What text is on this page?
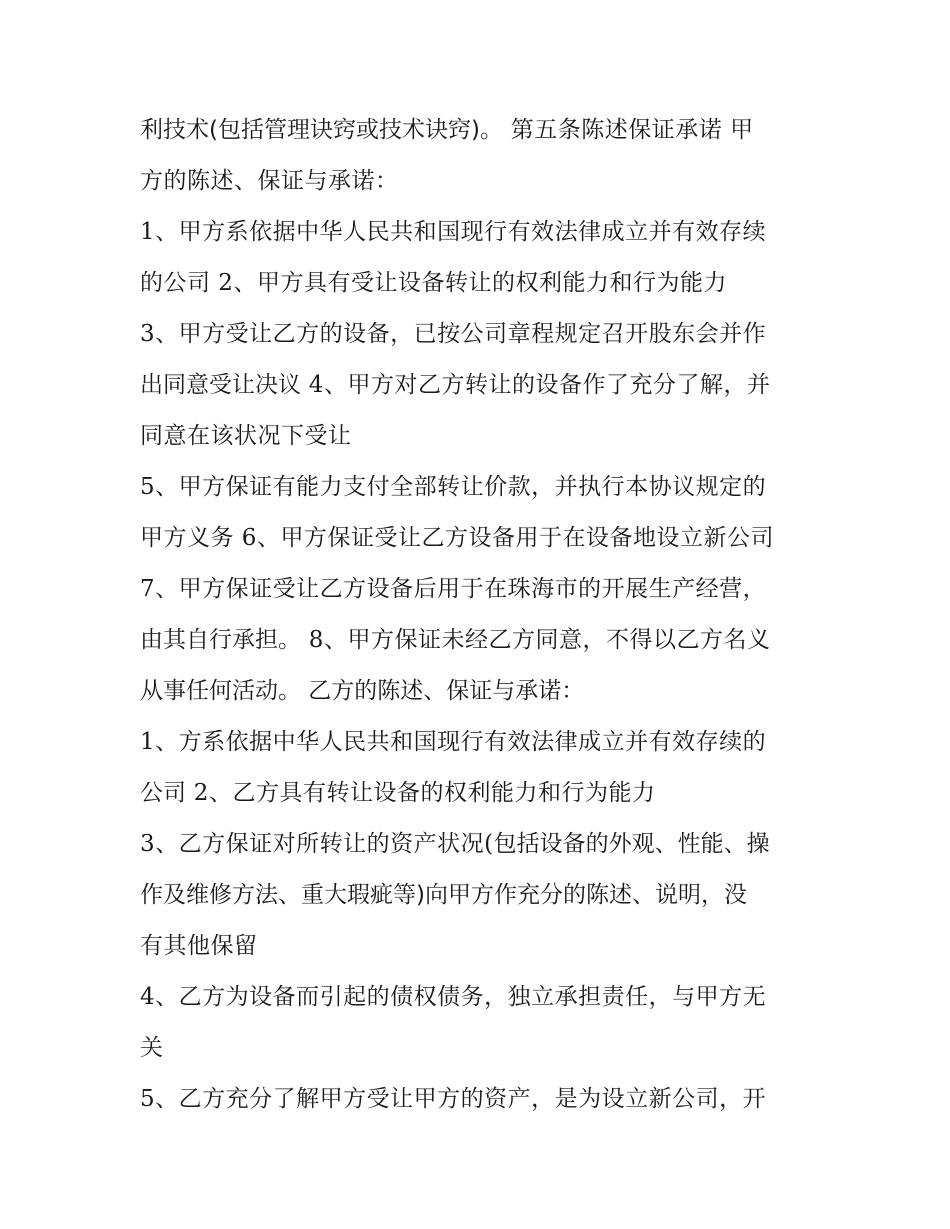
利技术(包括管理诀窍或技术诀窍)。 第五条陈述保证承诺 甲
方的陈述、保证与承诺：
1、甲方系依据中华人民共和国现行有效法律成立并有效存续
的公司 2、甲方具有受让设备转让的权利能力和行为能力
3、甲方受让乙方的设备，已按公司章程规定召开股东会并作
出同意受让决议 4、甲方对乙方转让的设备作了充分了解，并
同意在该状况下受让
5、甲方保证有能力支付全部转让价款，并执行本协议规定的
甲方义务 6、甲方保证受让乙方设备用于在设备地设立新公司
7、甲方保证受让乙方设备后用于在珠海市的开展生产经营，
由其自行承担。 8、甲方保证未经乙方同意，不得以乙方名义
从事任何活动。 乙方的陈述、保证与承诺：
1、方系依据中华人民共和国现行有效法律成立并有效存续的
公司 2、乙方具有转让设备的权利能力和行为能力
3、乙方保证对所转让的资产状况(包括设备的外观、性能、操
作及维修方法、重大瑕疵等)向甲方作充分的陈述、说明，没
有其他保留
4、乙方为设备而引起的债权债务，独立承担责任，与甲方无
关
5、乙方充分了解甲方受让甲方的资产，是为设立新公司，开
